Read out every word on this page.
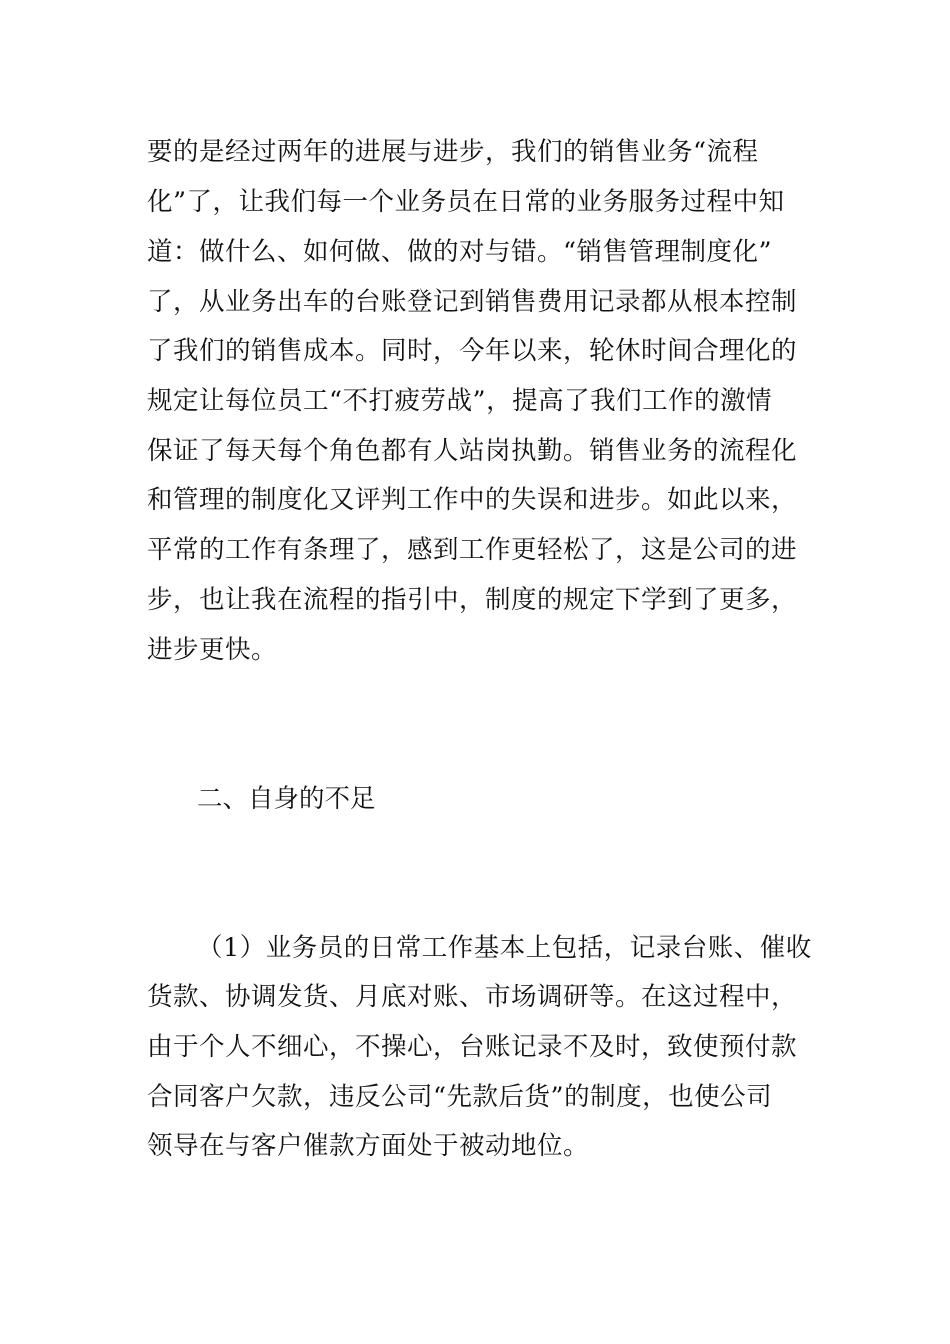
要的是经过两年的进展与进步，我们的销售业务“流程
化”了，让我们每一个业务员在日常的业务服务过程中知
道：做什么、如何做、做的对与错。“销售管理制度化”
了，从业务出车的台账登记到销售费用记录都从根本控制
了我们的销售成本。同时，今年以来，轮休时间合理化的
规定让每位员工“不打疲劳战”，提高了我们工作的激情
保证了每天每个角色都有人站岗执勤。销售业务的流程化
和管理的制度化又评判工作中的失误和进步。如此以来，
平常的工作有条理了，感到工作更轻松了，这是公司的进
步，也让我在流程的指引中，制度的规定下学到了更多，
进步更快。
二、自身的不足
（1）业务员的日常工作基本上包括，记录台账、催收
货款、协调发货、月底对账、市场调研等。在这过程中，
由于个人不细心，不操心，台账记录不及时，致使预付款
合同客户欠款，违反公司“先款后货”的制度，也使公司
领导在与客户催款方面处于被动地位。
